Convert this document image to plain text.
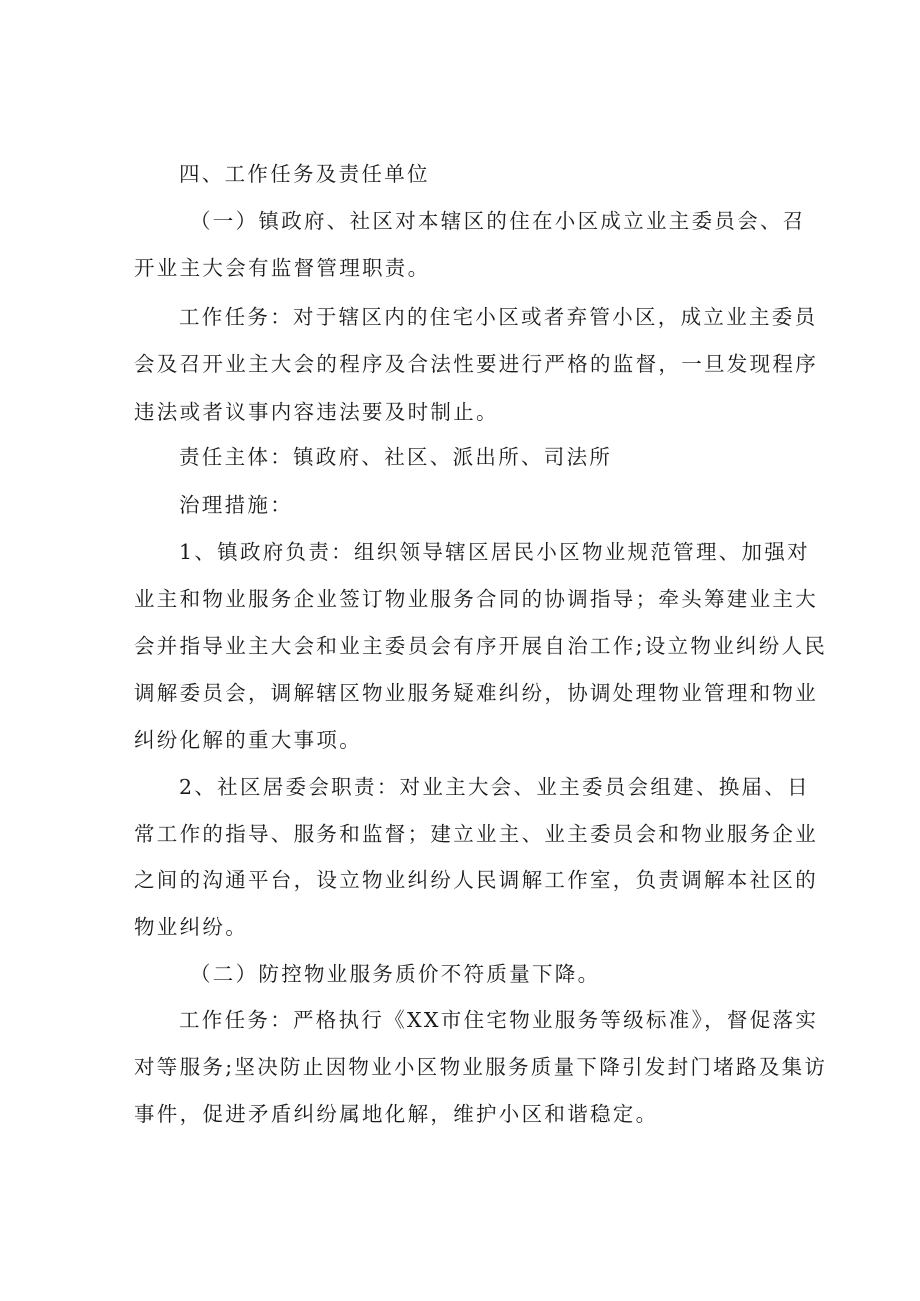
四、工作任务及责任单位
（一）镇政府、社区对本辖区的住在小区成立业主委员会、召
开业主大会有监督管理职责。
工作任务：对于辖区内的住宅小区或者弃管小区，成立业主委员
会及召开业主大会的程序及合法性要进行严格的监督，一旦发现程序
违法或者议事内容违法要及时制止。
责任主体：镇政府、社区、派出所、司法所
治理措施：
1、镇政府负责：组织领导辖区居民小区物业规范管理、加强对
业主和物业服务企业签订物业服务合同的协调指导；牵头筹建业主大
会并指导业主大会和业主委员会有序开展自治工作;设立物业纠纷人民
调解委员会，调解辖区物业服务疑难纠纷，协调处理物业管理和物业
纠纷化解的重大事项。
2、社区居委会职责：对业主大会、业主委员会组建、换届、日
常工作的指导、服务和监督；建立业主、业主委员会和物业服务企业
之间的沟通平台，设立物业纠纷人民调解工作室，负责调解本社区的
物业纠纷。
（二）防控物业服务质价不符质量下降。
工作任务：严格执行《XX市住宅物业服务等级标准》，督促落实
对等服务;坚决防止因物业小区物业服务质量下降引发封门堵路及集访
事件，促进矛盾纠纷属地化解，维护小区和谐稳定。
